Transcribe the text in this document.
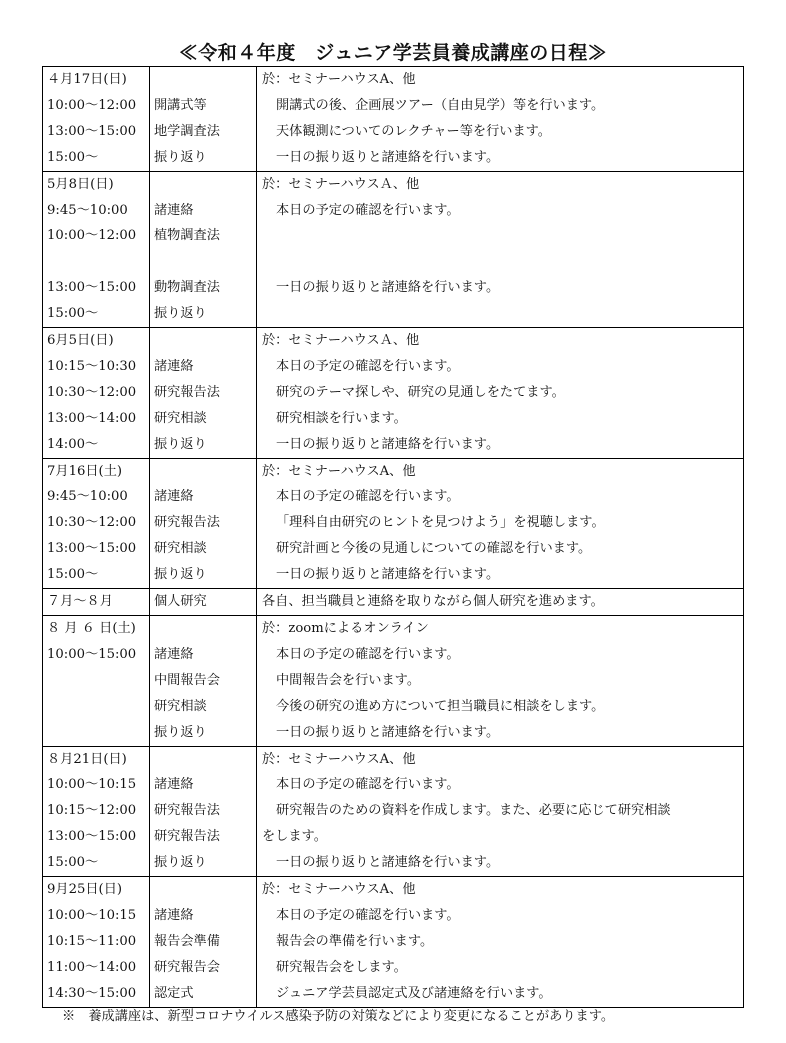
≪令和４年度　ジュニア学芸員養成講座の日程≫
４月17日(日)		於：セミナーハウスA、他
10:00～12:00	開講式等	開講式の後、企画展ツアー（自由見学）等を行います。
13:00～15:00	地学調査法	天体観測についてのレクチャー等を行います。
15:00～	振り返り	一日の振り返りと諸連絡を行います。
5月8日(日)		於：セミナーハウスＡ、他
9:45～10:00	諸連絡	本日の予定の確認を行います。
10:00～12:00	植物調査法	

13:00～15:00	動物調査法	一日の振り返りと諸連絡を行います。
15:00～	振り返り	
6月5日(日)		於：セミナーハウスＡ、他
10:15～10:30	諸連絡	本日の予定の確認を行います。
10:30～12:00	研究報告法	研究のテーマ探しや、研究の見通しをたてます。
13:00～14:00	研究相談	研究相談を行います。
14:00～	振り返り	一日の振り返りと諸連絡を行います。
7月16日(土)		於：セミナーハウスA、他
9:45～10:00	諸連絡	本日の予定の確認を行います。
10:30～12:00	研究報告法	「理科自由研究のヒントを見つけよう」を視聴します。
13:00～15:00	研究相談	研究計画と今後の見通しについての確認を行います。
15:00～	振り返り	一日の振り返りと諸連絡を行います。
７月～８月	個人研究	各自、担当職員と連絡を取りながら個人研究を進めます。
８ 月 ６ 日(土)		於：zoomによるオンライン
10:00～15:00	諸連絡	本日の予定の確認を行います。
	中間報告会	中間報告会を行います。
	研究相談	今後の研究の進め方について担当職員に相談をします。
	振り返り	一日の振り返りと諸連絡を行います。
８月21日(日)		於：セミナーハウスA、他
10:00～10:15	諸連絡	本日の予定の確認を行います。
10:15～12:00	研究報告法	研究報告のための資料を作成します。また、必要に応じて研究相談
13:00～15:00	研究報告法	をします。
15:00～	振り返り	一日の振り返りと諸連絡を行います。
9月25日(日)		於：セミナーハウスA、他
10:00～10:15	諸連絡	本日の予定の確認を行います。
10:15～11:00	報告会準備	報告会の準備を行います。
11:00～14:00	研究報告会	研究報告会をします。
14:30～15:00	認定式	ジュニア学芸員認定式及び諸連絡を行います。
※　養成講座は、新型コロナウイルス感染予防の対策などにより変更になることがあります。
